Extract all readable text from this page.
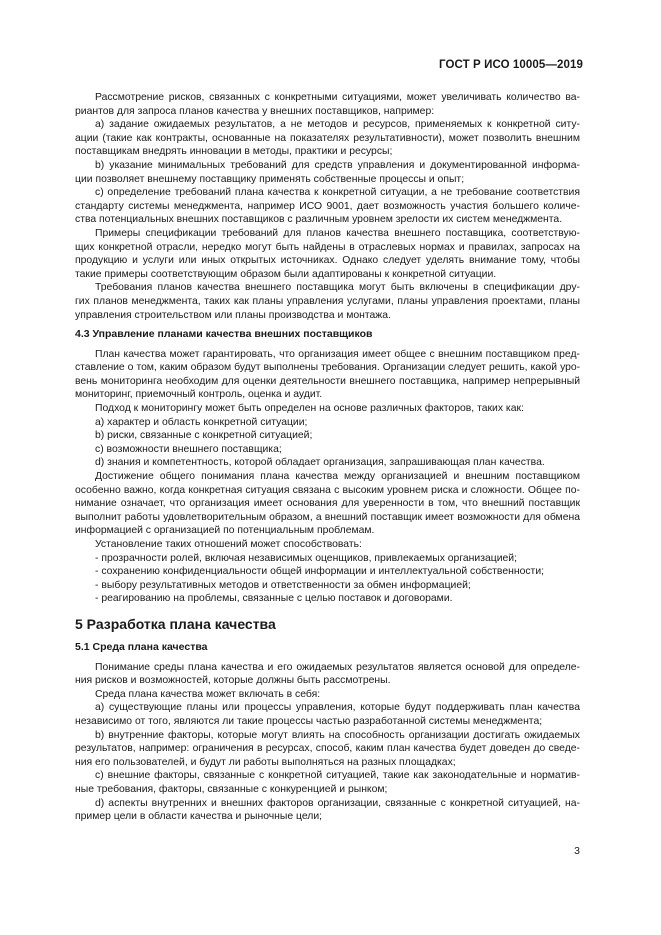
ГОСТ Р ИСО 10005—2019
Рассмотрение рисков, связанных с конкретными ситуациями, может увеличивать количество ва-
риантов для запроса планов качества у внешних поставщиков, например:
а) задание ожидаемых результатов, а не методов и ресурсов, применяемых к конкретной ситу-
ации (такие как контракты, основанные на показателях результативности), может позволить внешним
поставщикам внедрять инновации в методы, практики и ресурсы;
b) указание минимальных требований для средств управления и документированной информа-
ции позволяет внешнему поставщику применять собственные процессы и опыт;
c) определение требований плана качества к конкретной ситуации, а не требование соответствия
стандарту системы менеджмента, например ИСО 9001, дает возможность участия большего количе-
ства потенциальных внешних поставщиков с различным уровнем зрелости их систем менеджмента.
Примеры спецификации требований для планов качества внешнего поставщика, соответствую-
щих конкретной отрасли, нередко могут быть найдены в отраслевых нормах и правилах, запросах на
продукцию и услуги или иных открытых источниках. Однако следует уделять внимание тому, чтобы
такие примеры соответствующим образом были адаптированы к конкретной ситуации.
Требования планов качества внешнего поставщика могут быть включены в спецификации дру-
гих планов менеджмента, таких как планы управления услугами, планы управления проектами, планы
управления строительством или планы производства и монтажа.
4.3 Управление планами качества внешних поставщиков
План качества может гарантировать, что организация имеет общее с внешним поставщиком пред-
ставление о том, каким образом будут выполнены требования. Организации следует решить, какой уро-
вень мониторинга необходим для оценки деятельности внешнего поставщика, например непрерывный
мониторинг, приемочный контроль, оценка и аудит.
Подход к мониторингу может быть определен на основе различных факторов, таких как:
a) характер и область конкретной ситуации;
b) риски, связанные с конкретной ситуацией;
c) возможности внешнего поставщика;
d) знания и компетентность, которой обладает организация, запрашивающая план качества.
Достижение общего понимания плана качества между организацией и внешним поставщиком
особенно важно, когда конкретная ситуация связана с высоким уровнем риска и сложности. Общее по-
нимание означает, что организация имеет основания для уверенности в том, что внешний поставщик
выполнит работы удовлетворительным образом, а внешний поставщик имеет возможности для обмена
информацией с организацией по потенциальным проблемам.
Установление таких отношений может способствовать:
- прозрачности ролей, включая независимых оценщиков, привлекаемых организацией;
- сохранению конфиденциальности общей информации и интеллектуальной собственности;
- выбору результативных методов и ответственности за обмен информацией;
- реагированию на проблемы, связанные с целью поставок и договорами.
5 Разработка плана качества
5.1 Среда плана качества
Понимание среды плана качества и его ожидаемых результатов является основой для определе-
ния рисков и возможностей, которые должны быть рассмотрены.
Среда плана качества может включать в себя:
a) существующие планы или процессы управления, которые будут поддерживать план качества
независимо от того, являются ли такие процессы частью разработанной системы менеджмента;
b) внутренние факторы, которые могут влиять на способность организации достигать ожидаемых
результатов, например: ограничения в ресурсах, способ, каким план качества будет доведен до сведе-
ния его пользователей, и будут ли работы выполняться на разных площадках;
c) внешние факторы, связанные с конкретной ситуацией, такие как законодательные и норматив-
ные требования, факторы, связанные с конкуренцией и рынком;
d) аспекты внутренних и внешних факторов организации, связанные с конкретной ситуацией, на-
пример цели в области качества и рыночные цели;
3
